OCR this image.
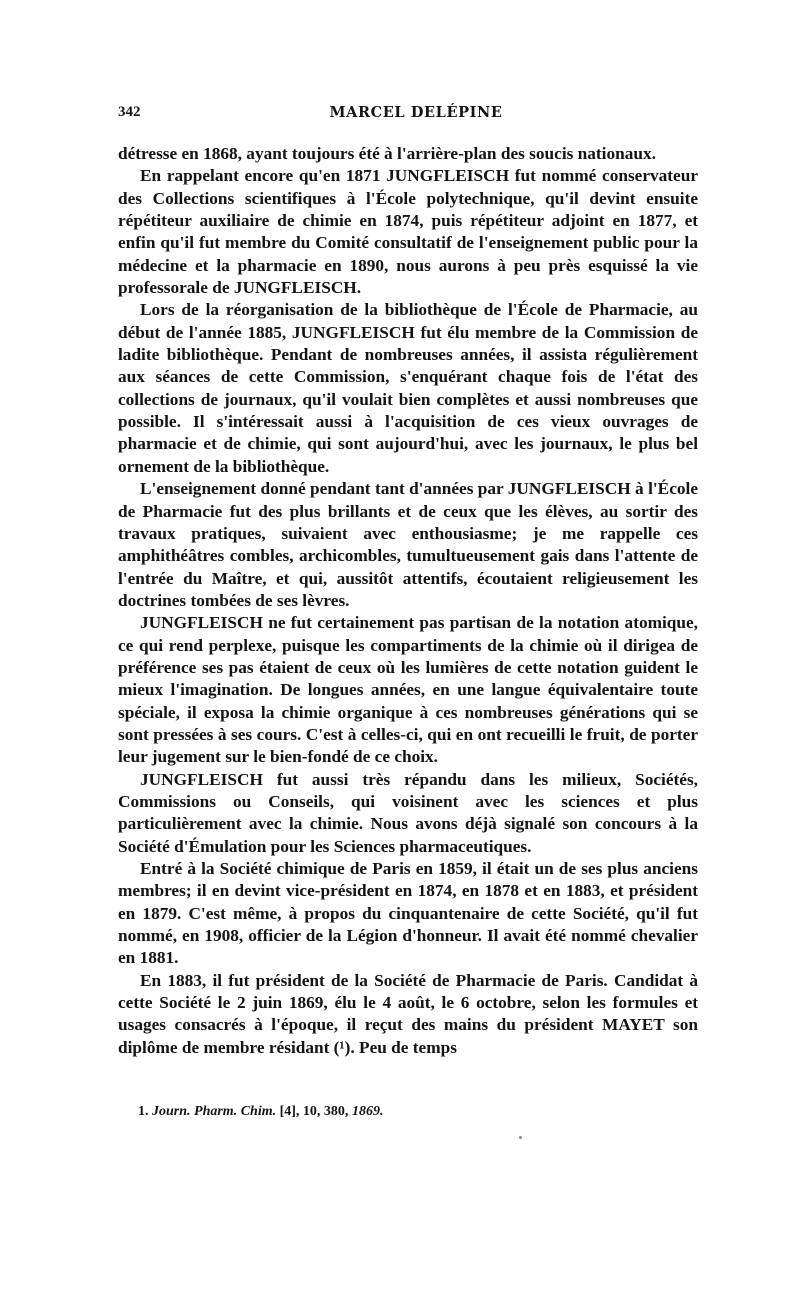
342	MARCEL DELÉPINE

détresse en 1868, ayant toujours été à l'arrière-plan des soucis nationaux.

En rappelant encore qu'en 1871 JUNGFLEISCH fut nommé conservateur des Collections scientifiques à l'École polytechnique, qu'il devint ensuite répétiteur auxiliaire de chimie en 1874, puis répétiteur adjoint en 1877, et enfin qu'il fut membre du Comité consultatif de l'enseignement public pour la médecine et la pharmacie en 1890, nous aurons à peu près esquissé la vie professorale de JUNGFLEISCH.

Lors de la réorganisation de la bibliothèque de l'École de Pharmacie, au début de l'année 1885, JUNGFLEISCH fut élu membre de la Commission de ladite bibliothèque. Pendant de nombreuses années, il assista régulièrement aux séances de cette Commission, s'enquérant chaque fois de l'état des collections de journaux, qu'il voulait bien complètes et aussi nombreuses que possible. Il s'intéressait aussi à l'acquisition de ces vieux ouvrages de pharmacie et de chimie, qui sont aujourd'hui, avec les journaux, le plus bel ornement de la bibliothèque.

L'enseignement donné pendant tant d'années par JUNGFLEISCH à l'École de Pharmacie fut des plus brillants et de ceux que les élèves, au sortir des travaux pratiques, suivaient avec enthousiasme; je me rappelle ces amphithéâtres combles, archicombles, tumultueusement gais dans l'attente de l'entrée du Maître, et qui, aussitôt attentifs, écoutaient religieusement les doctrines tombées de ses lèvres.

JUNGFLEISCH ne fut certainement pas partisan de la notation atomique, ce qui rend perplexe, puisque les compartiments de la chimie où il dirigea de préférence ses pas étaient de ceux où les lumières de cette notation guident le mieux l'imagination. De longues années, en une langue équivalentaire toute spéciale, il exposa la chimie organique à ces nombreuses générations qui se sont pressées à ses cours. C'est à celles-ci, qui en ont recueilli le fruit, de porter leur jugement sur le bien-fondé de ce choix.

JUNGFLEISCH fut aussi très répandu dans les milieux, Sociétés, Commissions ou Conseils, qui voisinent avec les sciences et plus particulièrement avec la chimie. Nous avons déjà signalé son concours à la Société d'Émulation pour les Sciences pharmaceutiques.

Entré à la Société chimique de Paris en 1859, il était un de ses plus anciens membres; il en devint vice-président en 1874, en 1878 et en 1883, et président en 1879. C'est même, à propos du cinquantenaire de cette Société, qu'il fut nommé, en 1908, officier de la Légion d'honneur. Il avait été nommé chevalier en 1881.

En 1883, il fut président de la Société de Pharmacie de Paris. Candidat à cette Société le 2 juin 1869, élu le 4 août, le 6 octobre, selon les formules et usages consacrés à l'époque, il reçut des mains du président MAYET son diplôme de membre résidant (¹). Peu de temps

1. Journ. Pharm. Chim. [4], 10, 380, 1869.
